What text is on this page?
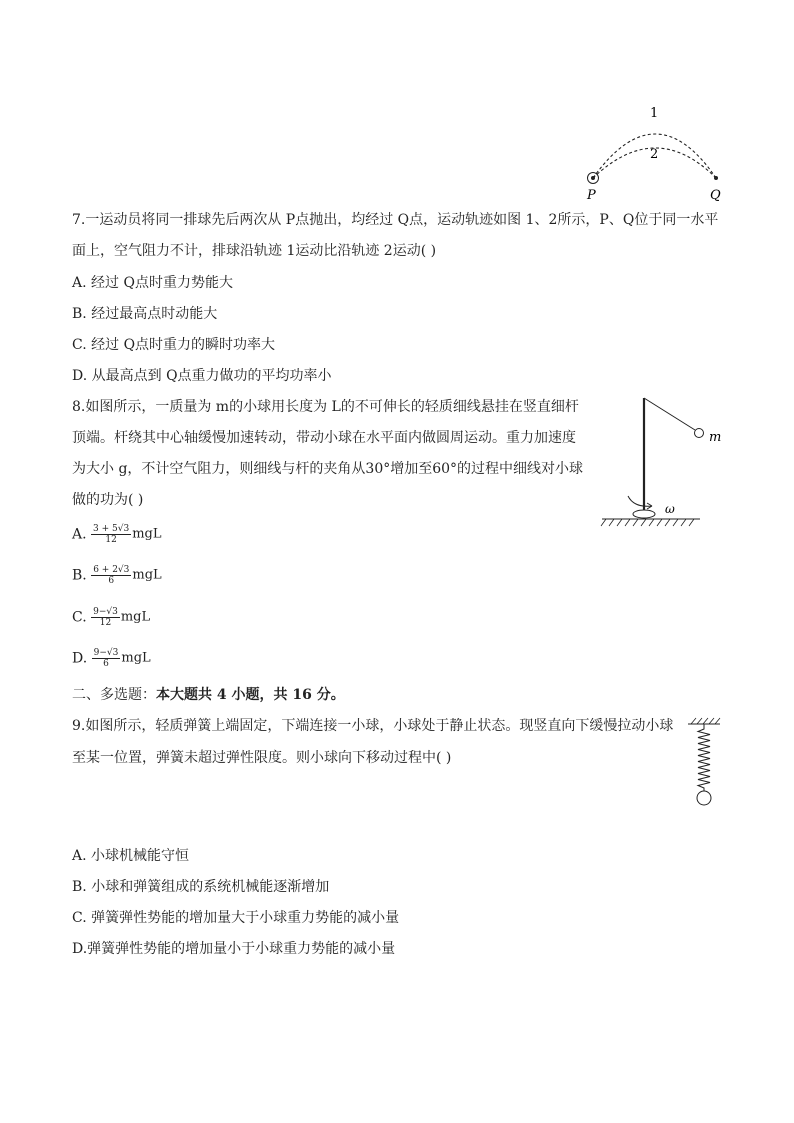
1
2
P	Q
7.一运动员将同一排球先后两次从 P点抛出，均经过 Q点，运动轨迹如图 1、2所示，P、Q位于同一水平
面上，空气阻力不计，排球沿轨迹 1运动比沿轨迹 2运动( )
A. 经过 Q点时重力势能大
B. 经过最高点时动能大
C. 经过 Q点时重力的瞬时功率大
D. 从最高点到 Q点重力做功的平均功率小
8.如图所示，一质量为 m的小球用长度为 L的不可伸长的轻质细线悬挂在竖直细杆
顶端。杆绕其中心轴缓慢加速转动，带动小球在水平面内做圆周运动。重力加速度
为大小 g，不计空气阻力，则细线与杆的夹角从30°增加至60°的过程中细线对小球
做的功为( )
A. $\frac{3 + 5√3}{12}$ mgL
B. $\frac{6 + 2√3}{6}$ mgL
C. $\frac{9-√3}{12}$ mgL
D. $\frac{9-√3}{6}$ mgL
m
ω
二、多选题：本大题共 4 小题，共 16 分。
9.如图所示，轻质弹簧上端固定，下端连接一小球，小球处于静止状态。现竖直向下缓慢拉动小球
至某一位置，弹簧未超过弹性限度。则小球向下移动过程中( )
A. 小球机械能守恒
B. 小球和弹簧组成的系统机械能逐渐增加
C. 弹簧弹性势能的增加量大于小球重力势能的减小量
D.弹簧弹性势能的增加量小于小球重力势能的减小量
